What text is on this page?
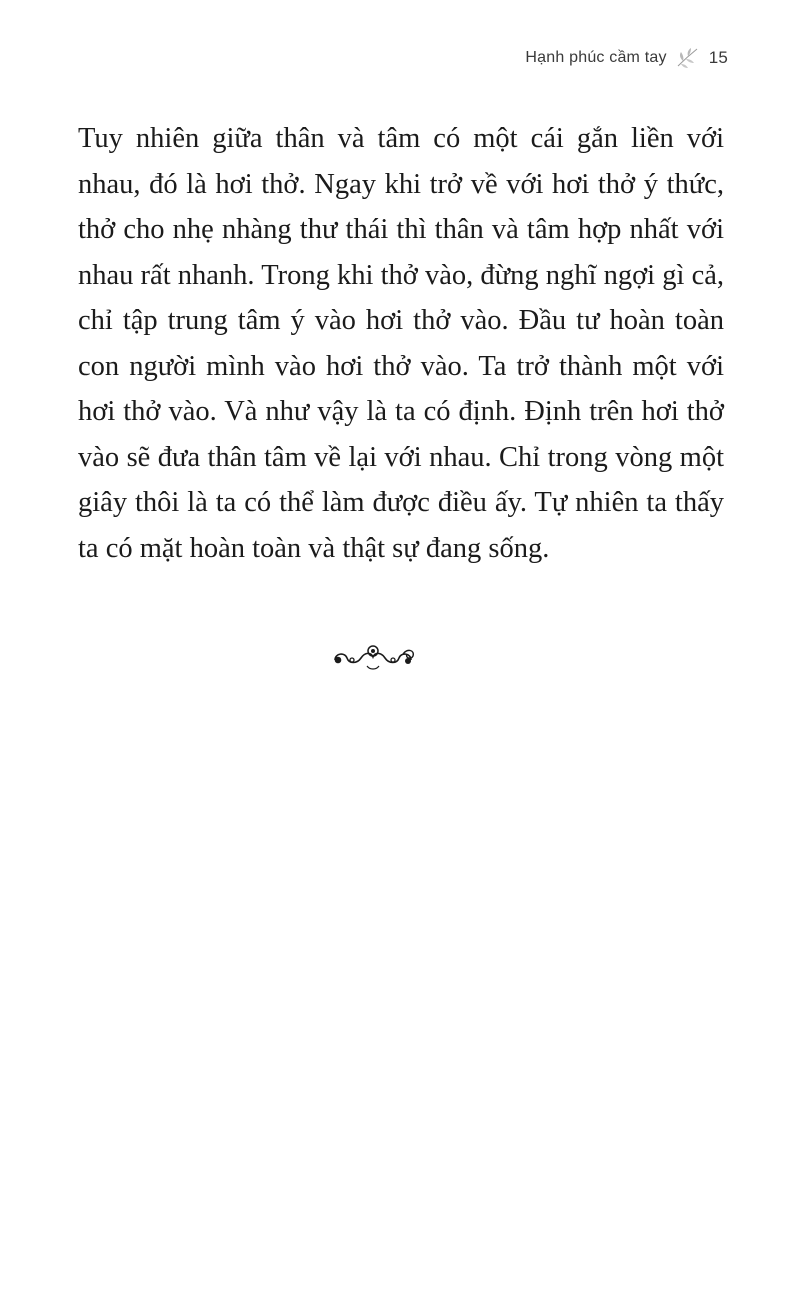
Hạnh phúc cầm tay 15

Tuy nhiên giữa thân và tâm có một cái gắn liền với nhau, đó là hơi thở. Ngay khi trở về với hơi thở ý thức, thở cho nhẹ nhàng thư thái thì thân và tâm hợp nhất với nhau rất nhanh. Trong khi thở vào, đừng nghĩ ngợi gì cả, chỉ tập trung tâm ý vào hơi thở vào. Đầu tư hoàn toàn con người mình vào hơi thở vào. Ta trở thành một với hơi thở vào. Và như vậy là ta có định. Định trên hơi thở vào sẽ đưa thân tâm về lại với nhau. Chỉ trong vòng một giây thôi là ta có thể làm được điều ấy. Tự nhiên ta thấy ta có mặt hoàn toàn và thật sự đang sống.
